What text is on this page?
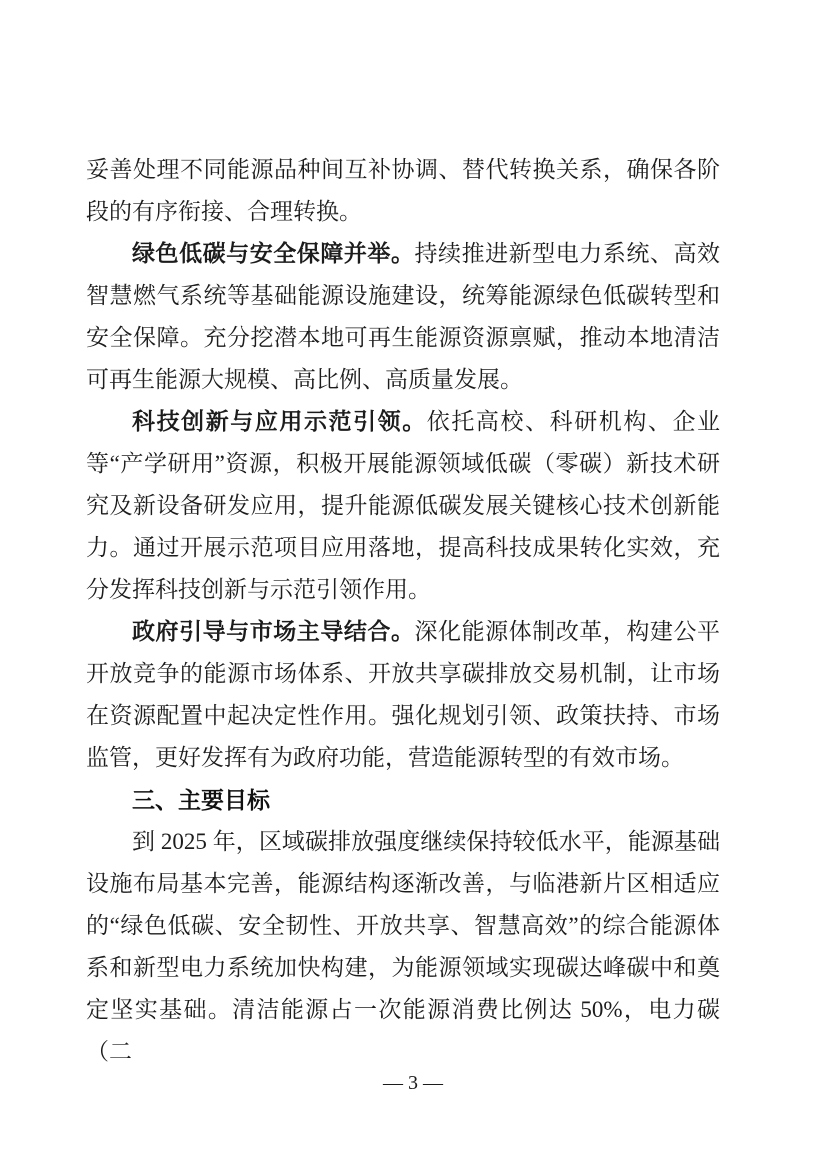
妥善处理不同能源品种间互补协调、替代转换关系，确保各阶段的有序衔接、合理转换。

绿色低碳与安全保障并举。持续推进新型电力系统、高效智慧燃气系统等基础能源设施建设，统筹能源绿色低碳转型和安全保障。充分挖潜本地可再生能源资源禀赋，推动本地清洁可再生能源大规模、高比例、高质量发展。

科技创新与应用示范引领。依托高校、科研机构、企业等“产学研用”资源，积极开展能源领域低碳（零碳）新技术研究及新设备研发应用，提升能源低碳发展关键核心技术创新能力。通过开展示范项目应用落地，提高科技成果转化实效，充分发挥科技创新与示范引领作用。

政府引导与市场主导结合。深化能源体制改革，构建公平开放竞争的能源市场体系、开放共享碳排放交易机制，让市场在资源配置中起决定性作用。强化规划引领、政策扶持、市场监管，更好发挥有为政府功能，营造能源转型的有效市场。

三、主要目标

到 2025 年，区域碳排放强度继续保持较低水平，能源基础设施布局基本完善，能源结构逐渐改善，与临港新片区相适应的“绿色低碳、安全韧性、开放共享、智慧高效”的综合能源体系和新型电力系统加快构建，为能源领域实现碳达峰碳中和奠定坚实基础。清洁能源占一次能源消费比例达 50%，电力碳（二

— 3 —
